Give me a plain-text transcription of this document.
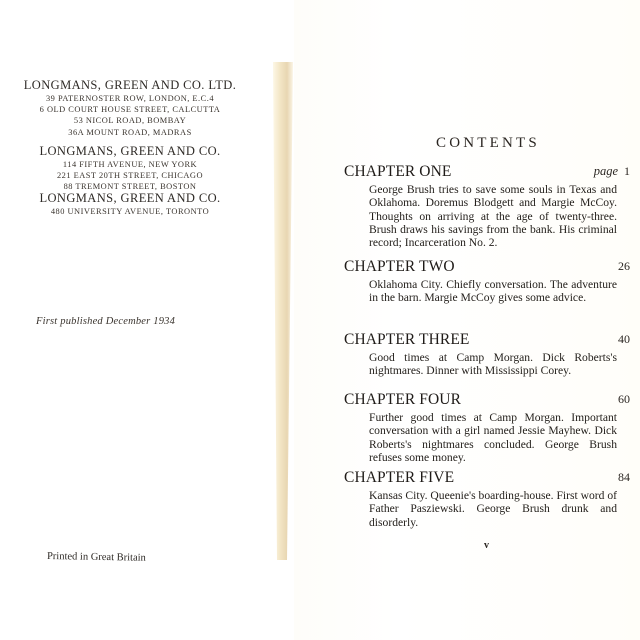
LONGMANS, GREEN AND CO. LTD.
39 PATERNOSTER ROW, LONDON, E.C.4
6 OLD COURT HOUSE STREET, CALCUTTA
53 NICOL ROAD, BOMBAY
36A MOUNT ROAD, MADRAS
LONGMANS, GREEN AND CO.
114 FIFTH AVENUE, NEW YORK
221 EAST 20TH STREET, CHICAGO
88 TREMONT STREET, BOSTON
LONGMANS, GREEN AND CO.
480 UNIVERSITY AVENUE, TORONTO
First published December 1934
Printed in Great Britain
CONTENTS
CHAPTER ONE	page 1
George Brush tries to save some souls in Texas and Oklahoma. Doremus Blodgett and Margie McCoy. Thoughts on arriving at the age of twenty-three. Brush draws his savings from the bank. His criminal record; Incarceration No. 2.
CHAPTER TWO	26
Oklahoma City. Chiefly conversation. The adventure in the barn. Margie McCoy gives some advice.
CHAPTER THREE	40
Good times at Camp Morgan. Dick Roberts's nightmares. Dinner with Mississippi Corey.
CHAPTER FOUR	60
Further good times at Camp Morgan. Important conversation with a girl named Jessie Mayhew. Dick Roberts's nightmares concluded. George Brush refuses some money.
CHAPTER FIVE	84
Kansas City. Queenie's boarding-house. First word of Father Pasziewski. George Brush drunk and disorderly.
v
